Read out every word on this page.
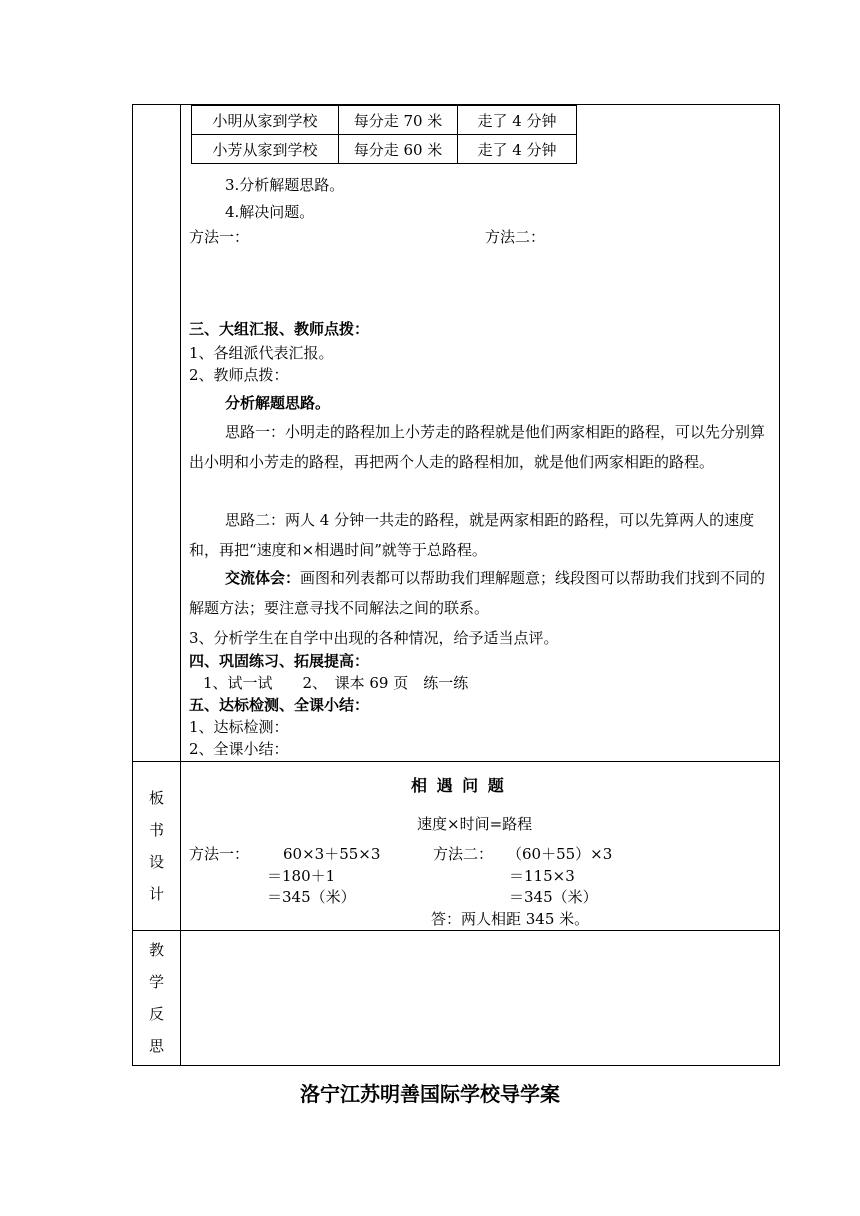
小明从家到学校	每分走 70 米	走了 4 分钟
小芳从家到学校	每分走 60 米	走了 4 分钟
3.分析解题思路。
4.解决问题。
方法一：	方法二：
三、大组汇报、教师点拨：
1、各组派代表汇报。
2、教师点拨：
分析解题思路。
思路一：小明走的路程加上小芳走的路程就是他们两家相距的路程，可以先分别算出小明和小芳走的路程，再把两个人走的路程相加，就是他们两家相距的路程。
思路二：两人 4 分钟一共走的路程，就是两家相距的路程，可以先算两人的速度和，再把“速度和×相遇时间”就等于总路程。
交流体会：画图和列表都可以帮助我们理解题意；线段图可以帮助我们找到不同的解题方法；要注意寻找不同解法之间的联系。
3、分析学生在自学中出现的各种情况，给予适当点评。
四、巩固练习、拓展提高：
1、试一试　　2、　课本 69 页　练一练
五、达标检测、全课小结：
1、达标检测：
2、全课小结：

板
书
设
计

相 遇 问 题
速度×时间=路程
方法一： 60×3＋55×3
＝180＋1
＝345（米）
方法二： （60＋55）×3
＝115×3
＝345（米）
答：两人相距 345 米。

教
学
反
思

洛宁江苏明善国际学校导学案
